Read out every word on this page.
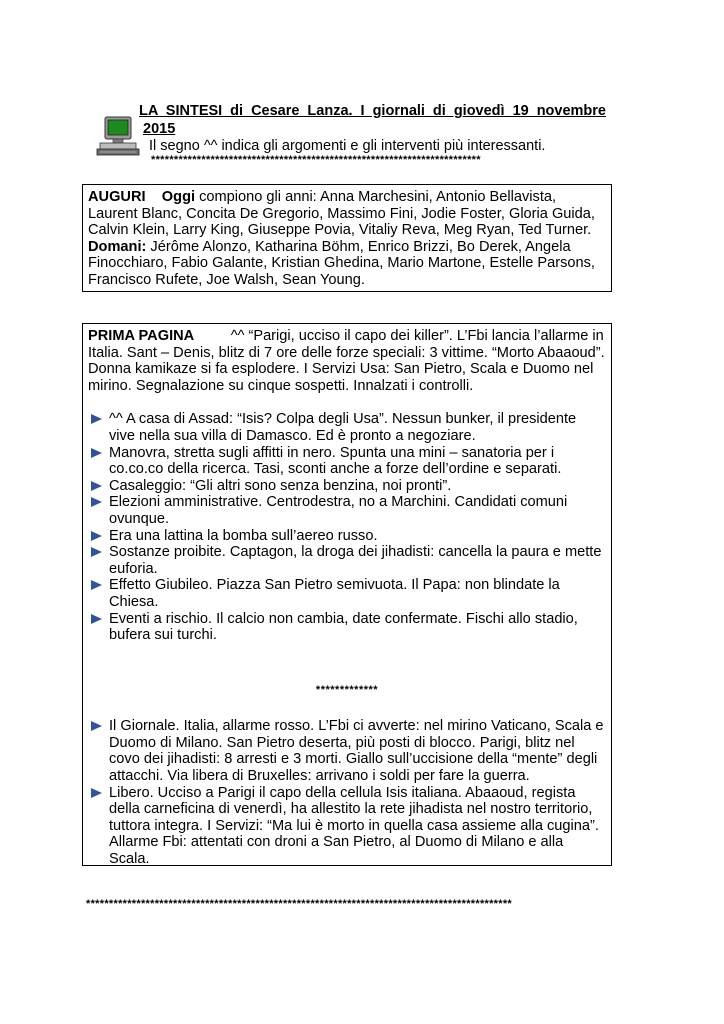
LA SINTESI di Cesare Lanza. I giornali di giovedì 19 novembre
2015
Il segno ^^ indica gli argomenti e gli interventi più interessanti.
************************************************************************
AUGURI Oggi compiono gli anni: Anna Marchesini, Antonio Bellavista, Laurent Blanc, Concita De Gregorio, Massimo Fini, Jodie Foster, Gloria Guida, Calvin Klein, Larry King, Giuseppe Povia, Vitaliy Reva, Meg Ryan, Ted Turner.
Domani: Jérôme Alonzo, Katharina Böhm, Enrico Brizzi, Bo Derek, Angela Finocchiaro, Fabio Galante, Kristian Ghedina, Mario Martone, Estelle Parsons, Francisco Rufete, Joe Walsh, Sean Young.
PRIMA PAGINA	^^ “Parigi, ucciso il capo dei killer”. L’Fbi lancia l’allarme in Italia. Sant – Denis, blitz di 7 ore delle forze speciali: 3 vittime. “Morto Abaaoud”. Donna kamikaze si fa esplodere. I Servizi Usa: San Pietro, Scala e Duomo nel mirino. Segnalazione su cinque sospetti. Innalzati i controlli.
^^ A casa di Assad: “Isis? Colpa degli Usa”. Nessun bunker, il presidente vive nella sua villa di Damasco. Ed è pronto a negoziare.
Manovra, stretta sugli affitti in nero. Spunta una mini – sanatoria per i co.co.co della ricerca. Tasi, sconti anche a forze dell’ordine e separati.
Casaleggio: “Gli altri sono senza benzina, noi pronti”.
Elezioni amministrative. Centrodestra, no a Marchini. Candidati comuni ovunque.
Era una lattina la bomba sull’aereo russo.
Sostanze proibite. Captagon, la droga dei jihadisti: cancella la paura e mette euforia.
Effetto Giubileo. Piazza San Pietro semivuota. Il Papa: non blindate la Chiesa.
Eventi a rischio. Il calcio non cambia, date confermate. Fischi allo stadio, bufera sui turchi.
*************
Il Giornale. Italia, allarme rosso. L’Fbi ci avverte: nel mirino Vaticano, Scala e Duomo di Milano. San Pietro deserta, più posti di blocco. Parigi, blitz nel covo dei jihadisti: 8 arresti e 3 morti. Giallo sull’uccisione della “mente” degli attacchi. Via libera di Bruxelles: arrivano i soldi per fare la guerra.
Libero. Ucciso a Parigi il capo della cellula Isis italiana. Abaaoud, regista della carneficina di venerdì, ha allestito la rete jihadista nel nostro territorio, tuttora integra. I Servizi: “Ma lui è morto in quella casa assieme alla cugina”. Allarme Fbi: attentati con droni a San Pietro, al Duomo di Milano e alla Scala.
*********************************************************************************************
